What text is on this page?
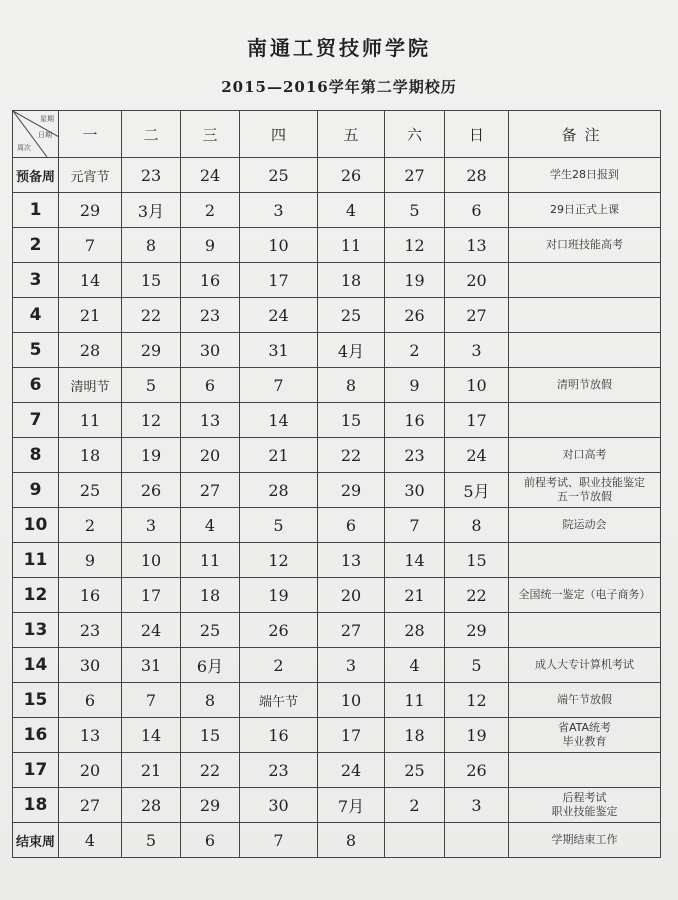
南通工贸技师学院
2015—2016学年第二学期校历
星期
日期
周次	一	二	三	四	五	六	日	备注
预备周	元宵节	23	24	25	26	27	28	学生28日报到
1	29	3月	2	3	4	5	6	29日正式上课
2	7	8	9	10	11	12	13	对口班技能高考
3	14	15	16	17	18	19	20	
4	21	22	23	24	25	26	27	
5	28	29	30	31	4月	2	3	
6	清明节	5	6	7	8	9	10	清明节放假
7	11	12	13	14	15	16	17	
8	18	19	20	21	22	23	24	对口高考
9	25	26	27	28	29	30	5月	前程考试、职业技能鉴定
五一节放假
10	2	3	4	5	6	7	8	院运动会
11	9	10	11	12	13	14	15	
12	16	17	18	19	20	21	22	全国统一鉴定（电子商务）
13	23	24	25	26	27	28	29	
14	30	31	6月	2	3	4	5	成人大专计算机考试
15	6	7	8	端午节	10	11	12	端午节放假
16	13	14	15	16	17	18	19	省ATA统考
毕业教育
17	20	21	22	23	24	25	26	
18	27	28	29	30	7月	2	3	后程考试
职业技能鉴定
结束周	4	5	6	7	8			学期结束工作
